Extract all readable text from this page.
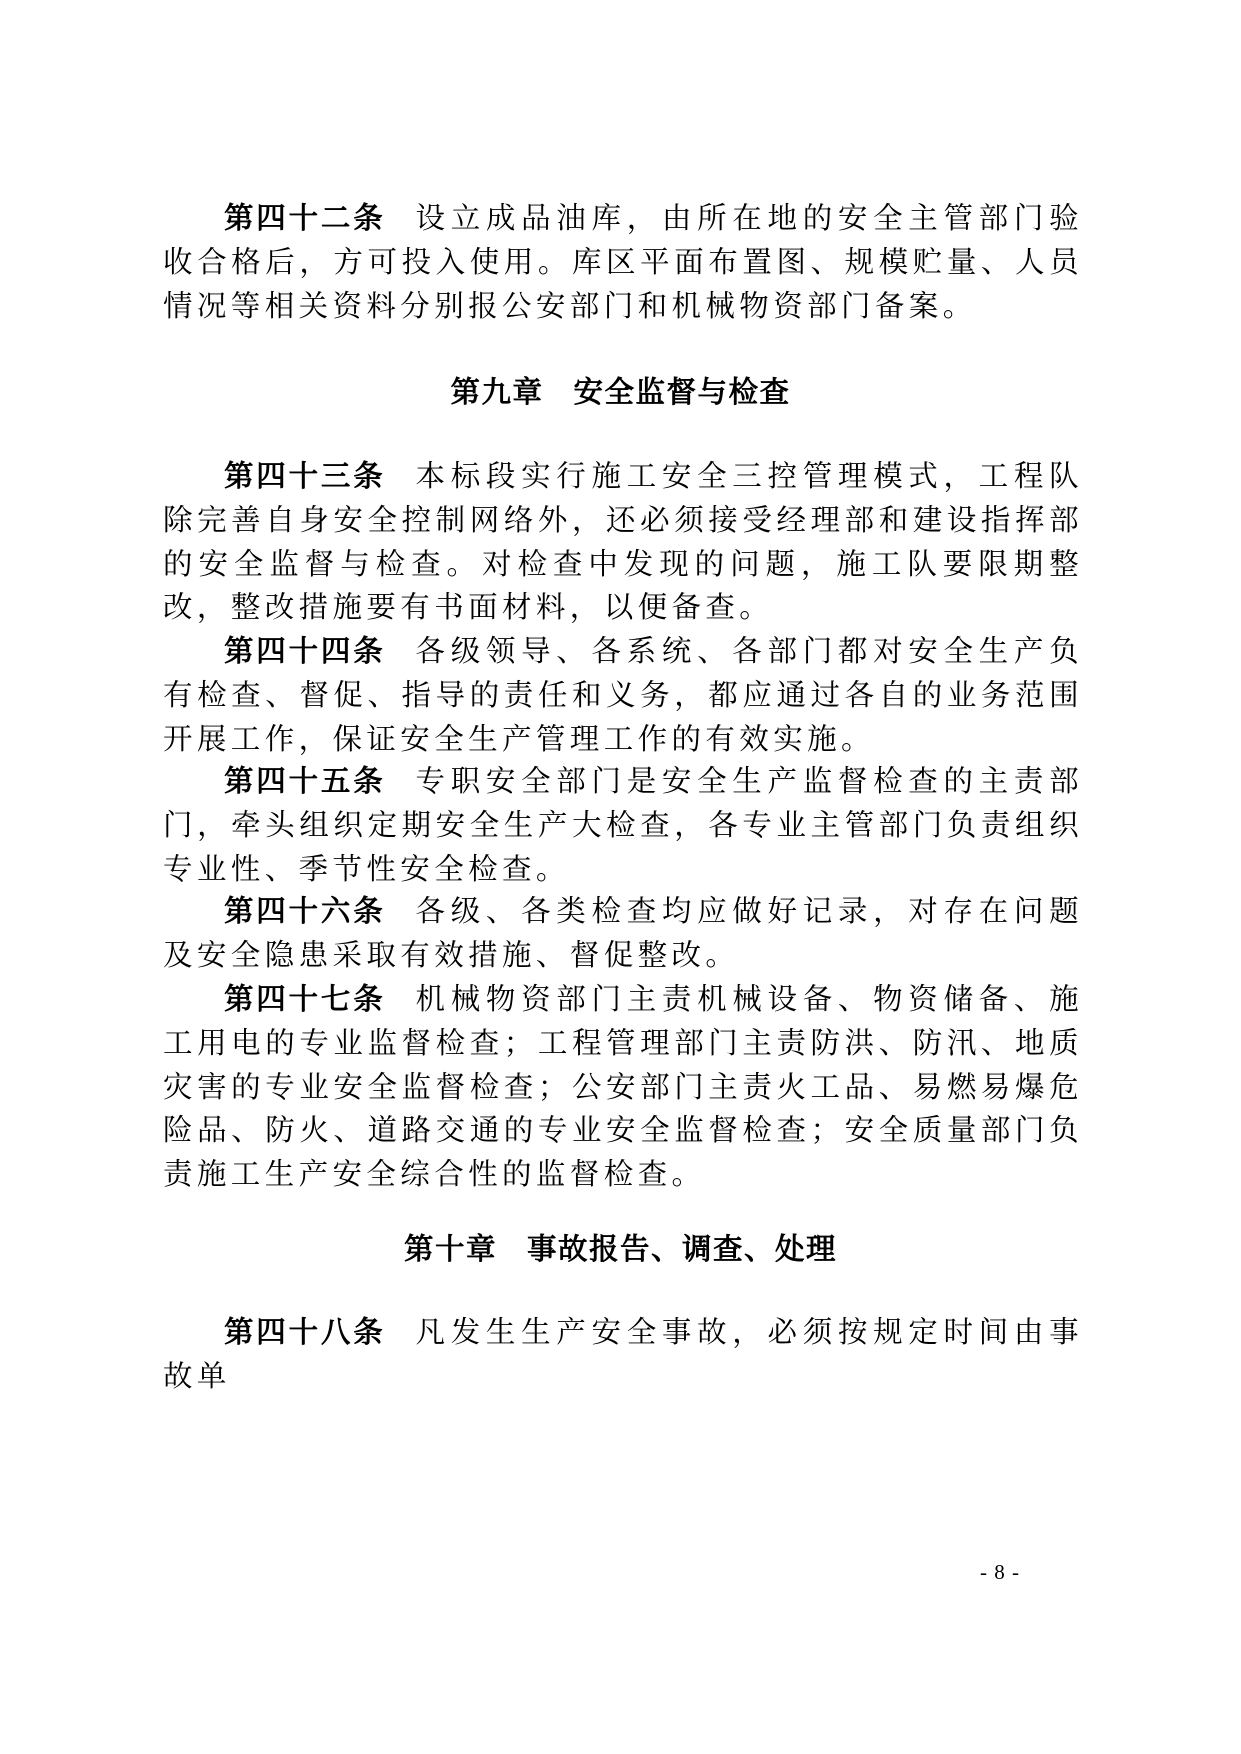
第四十二条 设立成品油库，由所在地的安全主管部门验收合格后，方可投入使用。库区平面布置图、规模贮量、人员情况等相关资料分别报公安部门和机械物资部门备案。

第九章 安全监督与检查

第四十三条 本标段实行施工安全三控管理模式，工程队除完善自身安全控制网络外，还必须接受经理部和建设指挥部的安全监督与检查。对检查中发现的问题，施工队要限期整改，整改措施要有书面材料，以便备查。

第四十四条 各级领导、各系统、各部门都对安全生产负有检查、督促、指导的责任和义务，都应通过各自的业务范围开展工作，保证安全生产管理工作的有效实施。

第四十五条 专职安全部门是安全生产监督检查的主责部门，牵头组织定期安全生产大检查，各专业主管部门负责组织专业性、季节性安全检查。

第四十六条 各级、各类检查均应做好记录，对存在问题及安全隐患采取有效措施、督促整改。

第四十七条 机械物资部门主责机械设备、物资储备、施工用电的专业监督检查；工程管理部门主责防洪、防汛、地质灾害的专业安全监督检查；公安部门主责火工品、易燃易爆危险品、防火、道路交通的专业安全监督检查；安全质量部门负责施工生产安全综合性的监督检查。

第十章 事故报告、调查、处理

第四十八条 凡发生生产安全事故，必须按规定时间由事故单

- 8 -
